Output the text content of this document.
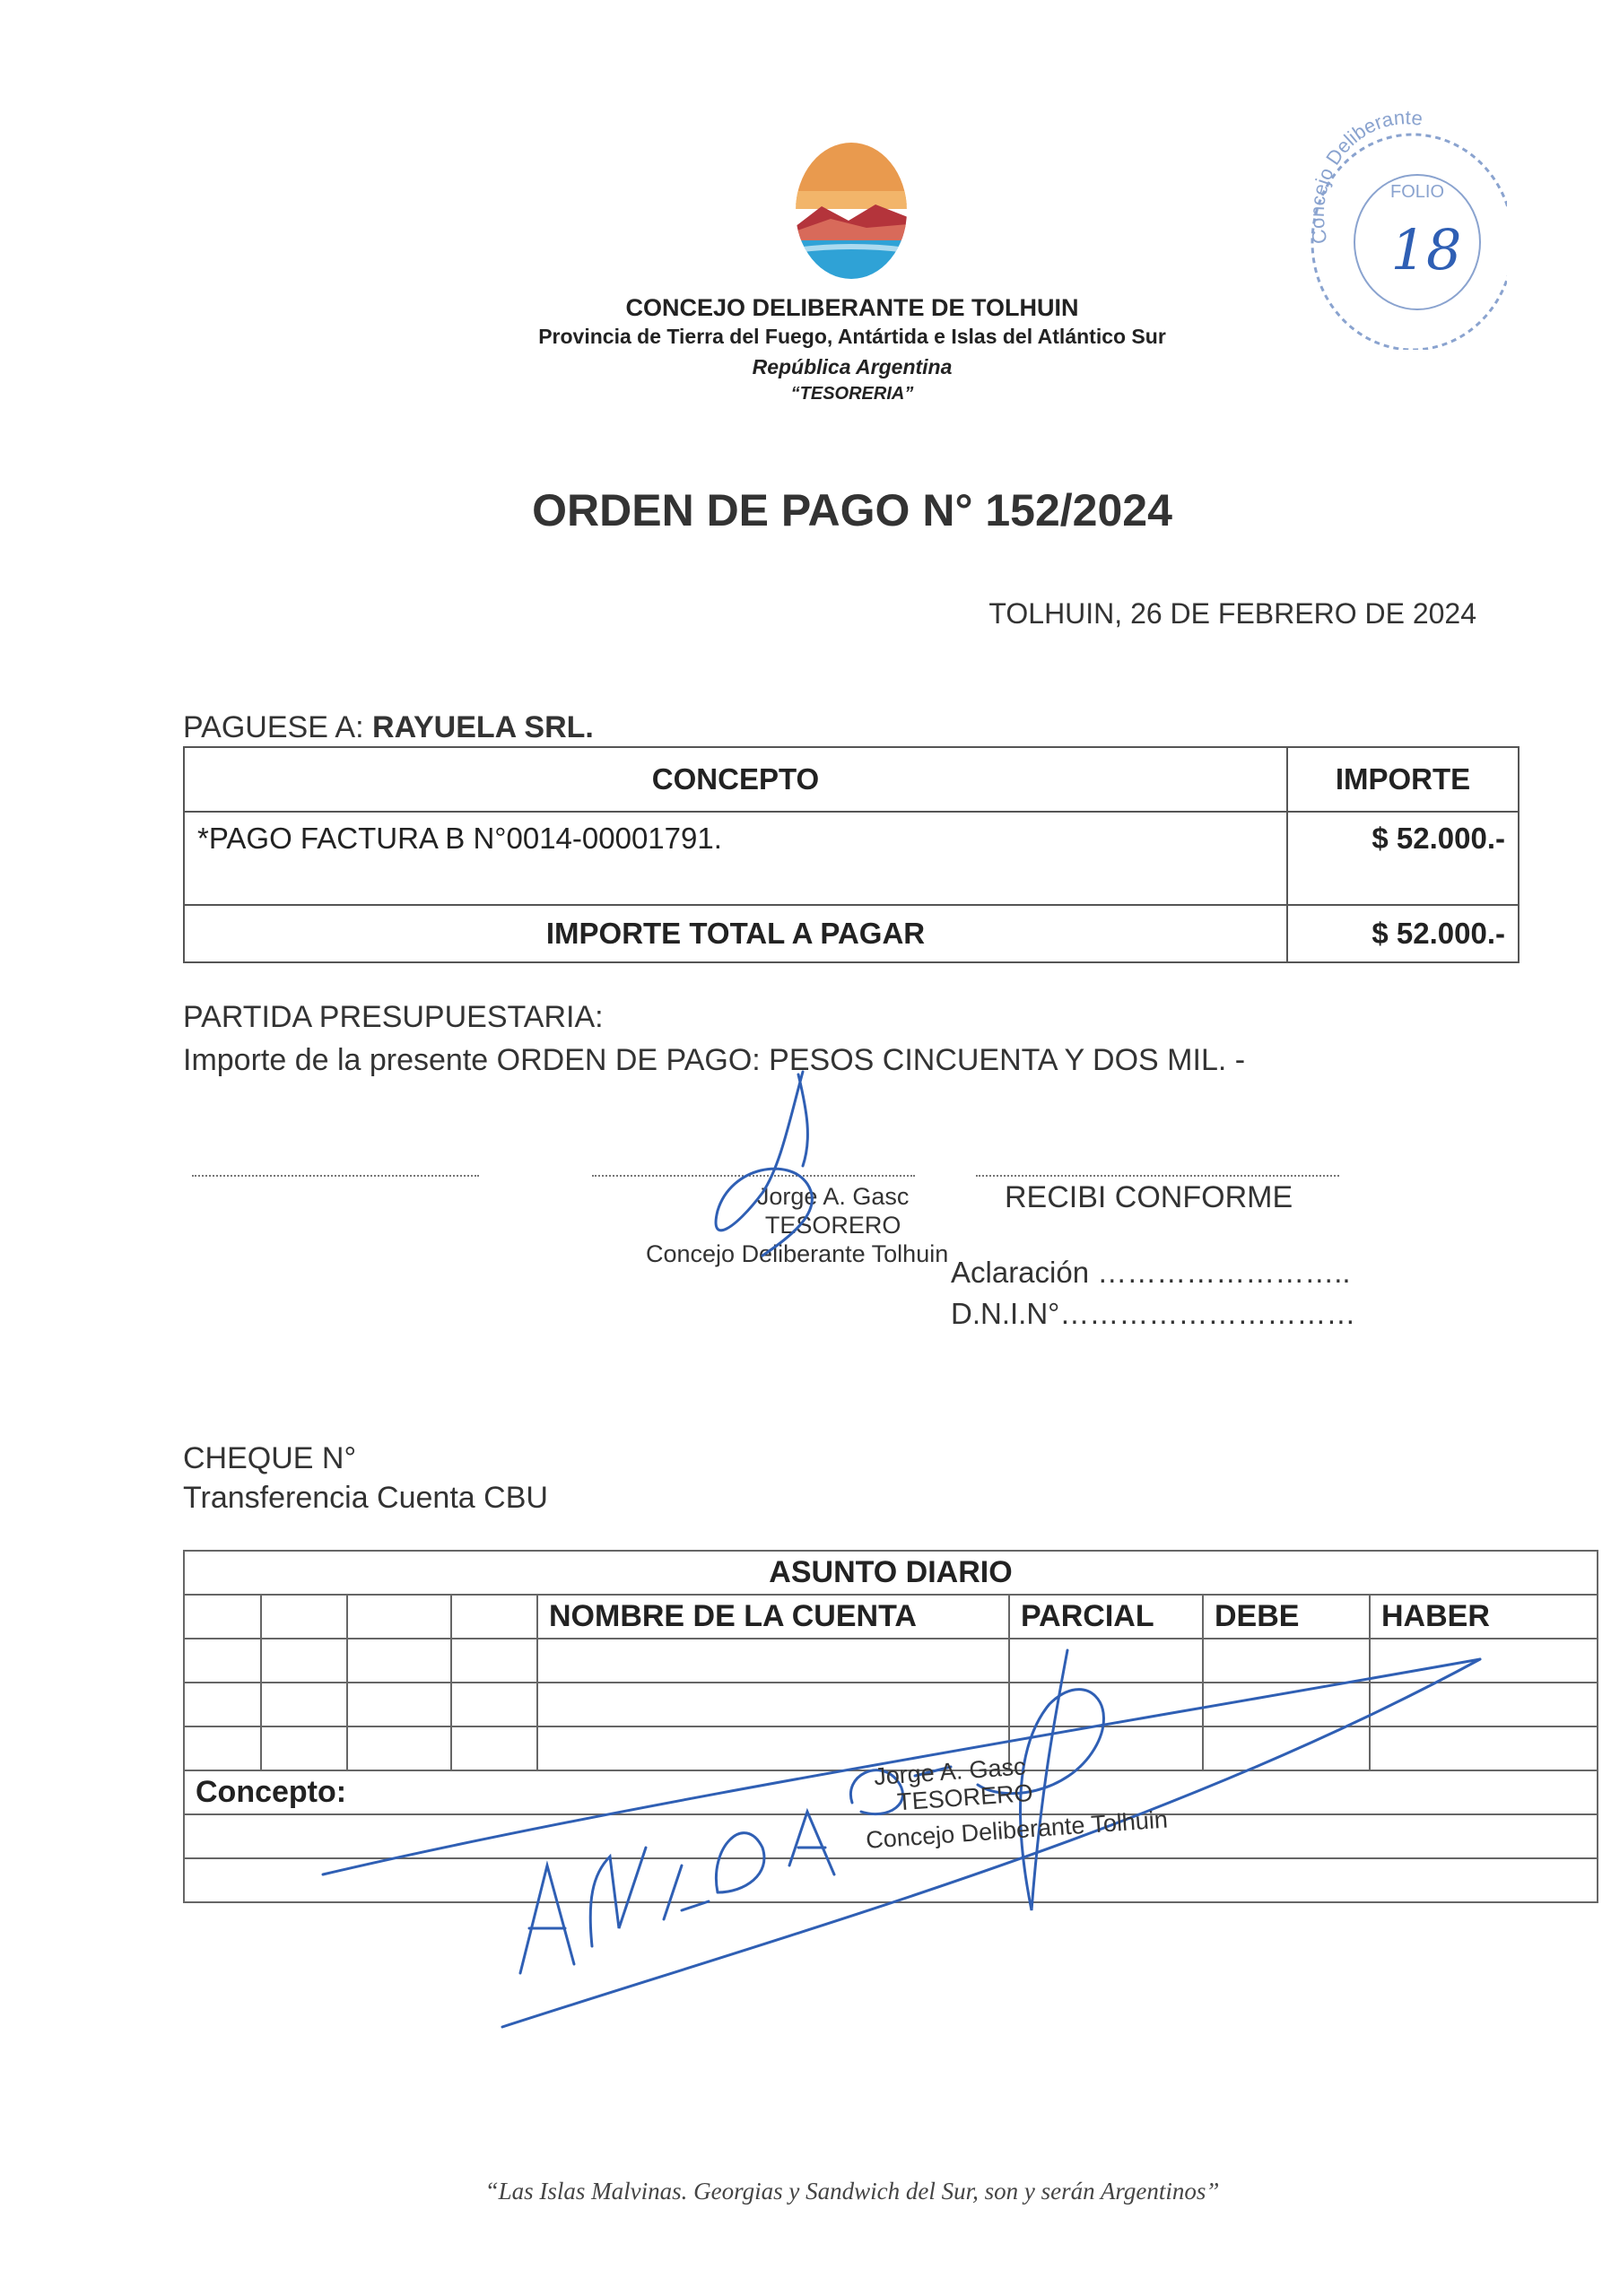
CONCEJO DELIBERANTE DE TOLHUIN
Provincia de Tierra del Fuego, Antártida e Islas del Atlántico Sur
República Argentina
“TESORERIA”
Concejo Deliberante
FOLIO
18
ORDEN DE PAGO N° 152/2024
TOLHUIN, 26 DE FEBRERO DE 2024
PAGUESE A: RAYUELA SRL.
CONCEPTO	IMPORTE
*PAGO FACTURA B N°0014-00001791.	$ 52.000.-
IMPORTE TOTAL A PAGAR	$ 52.000.-
PARTIDA PRESUPUESTARIA:
Importe de la presente ORDEN DE PAGO: PESOS CINCUENTA Y DOS MIL. -
Jorge A. Gasc
TESORERO
Concejo Deliberante Tolhuin
RECIBI CONFORME
Aclaración ……………………..
D.N.I.N°…………………………
CHEQUE N°
Transferencia Cuenta CBU
ASUNTO DIARIO							
				NOMBRE DE LA CUENTA	PARCIAL	DEBE	HABER

Concepto:							

“Las Islas Malvinas. Georgias y Sandwich del Sur, son y serán Argentinos”
Jorge A. Gasc
TESORERO
Concejo Deliberante Tolhuin
